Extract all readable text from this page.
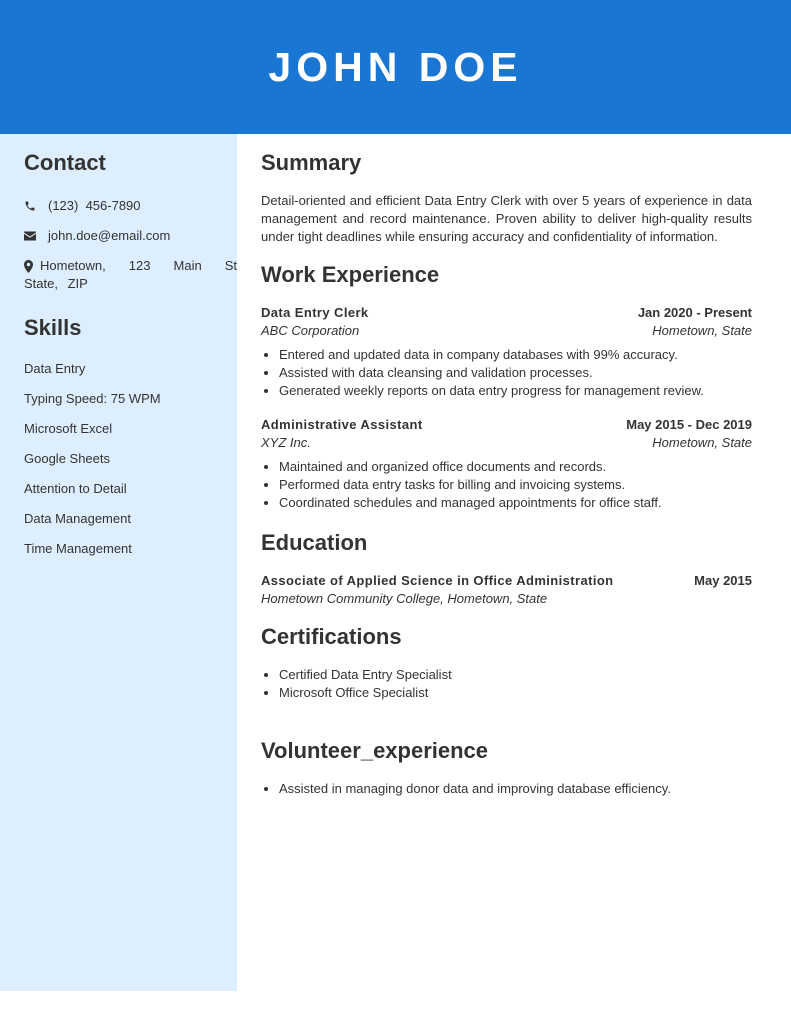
JOHN DOE
Contact
(123)  456-7890
john.doe@email.com
Hometown, 123 Main St State, ZIP
Skills
Data Entry
Typing Speed: 75 WPM
Microsoft Excel
Google Sheets
Attention to Detail
Data Management
Time Management
Summary

Detail-oriented and efficient Data Entry Clerk with over 5 years of experience in data management and record maintenance. Proven ability to deliver high-quality results under tight deadlines while ensuring accuracy and confidentiality of information.

Work Experience
Data Entry Clerk	Jan 2020 - Present
ABC Corporation	Hometown, State
• Entered and updated data in company databases with 99% accuracy.
• Assisted with data cleansing and validation processes.
• Generated weekly reports on data entry progress for management review.
Administrative Assistant	May 2015 - Dec 2019
XYZ Inc.	Hometown, State
• Maintained and organized office documents and records.
• Performed data entry tasks for billing and invoicing systems.
• Coordinated schedules and managed appointments for office staff.
Education
Associate of Applied Science in Office Administration	May 2015
Hometown Community College, Hometown, State
Certifications
• Certified Data Entry Specialist
• Microsoft Office Specialist
Volunteer_experience
• Assisted in managing donor data and improving database efficiency.
